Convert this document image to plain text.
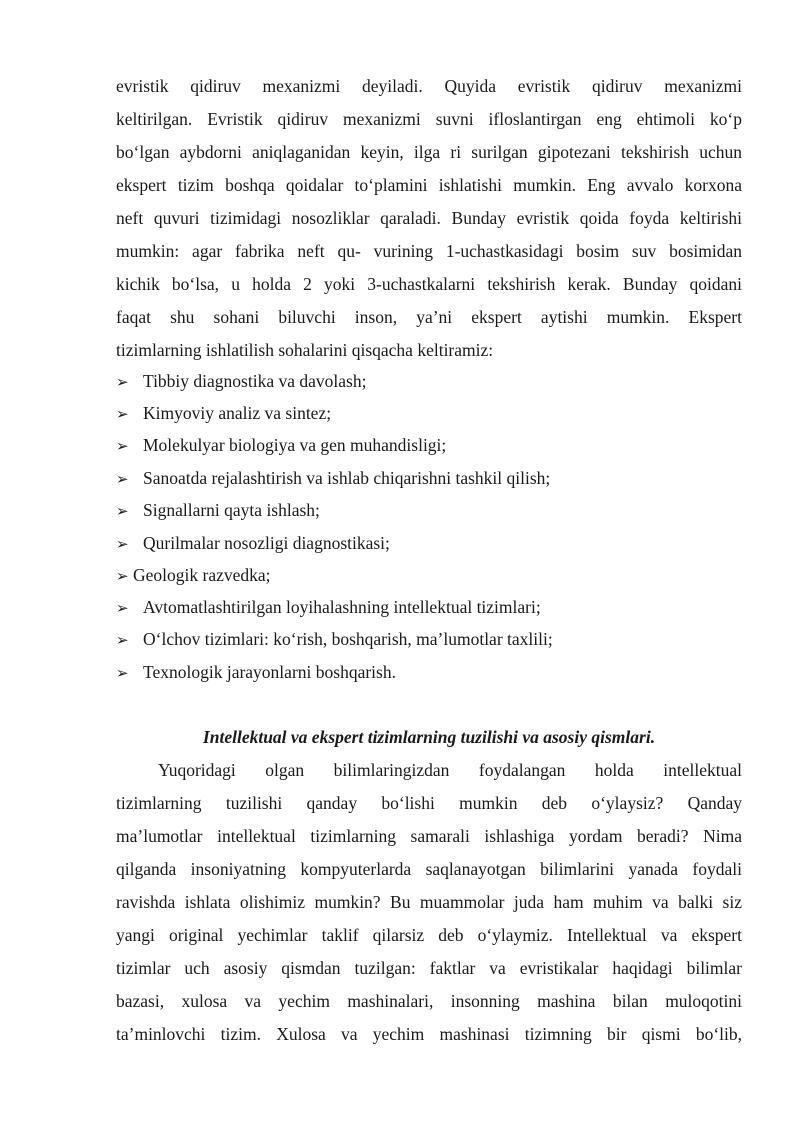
evristik qidiruv mexanizmi deyiladi. Quyida evristik qidiruv mexanizmi
keltirilgan. Evristik qidiruv mexanizmi suvni ifloslantirgan eng ehtimoli ko‘p
bo‘lgan aybdorni aniqlaganidan keyin, ilga ri surilgan gipotezani tekshirish uchun
ekspert tizim boshqa qoidalar to‘plamini ishlatishi mumkin. Eng avvalo korxona
neft quvuri tizimidagi nosozliklar qaraladi. Bunday evristik qoida foyda keltirishi
mumkin: agar fabrika neft qu- vurining 1-uchastkasidagi bosim suv bosimidan
kichik bo‘lsa, u holda 2 yoki 3-uchastkalarni tekshirish kerak. Bunday qoidani
faqat shu sohani biluvchi inson, ya’ni ekspert aytishi mumkin. Ekspert
tizimlarning ishlatilish sohalarini qisqacha keltiramiz:
➢ Tibbiy diagnostika va davolash;
➢ Kimyoviy analiz va sintez;
➢ Molekulyar biologiya va gen muhandisligi;
➢ Sanoatda rejalashtirish va ishlab chiqarishni tashkil qilish;
➢ Signallarni qayta ishlash;
➢ Qurilmalar nosozligi diagnostikasi;
➢ Geologik razvedka;
➢ Avtomatlashtirilgan loyihalashning intellektual tizimlari;
➢ O‘lchov tizimlari: ko‘rish, boshqarish, ma’lumotlar taxlili;
➢ Texnologik jarayonlarni boshqarish.
Intellektual va ekspert tizimlarning tuzilishi va asosiy qismlari.
Yuqoridagi olgan bilimlaringizdan foydalangan holda intellektual
tizimlarning tuzilishi qanday bo‘lishi mumkin deb o‘ylaysiz? Qanday
ma’lumotlar intellektual tizimlarning samarali ishlashiga yordam beradi? Nima
qilganda insoniyatning kompyuterlarda saqlanayotgan bilimlarini yanada foydali
ravishda ishlata olishimiz mumkin? Bu muammolar juda ham muhim va balki siz
yangi original yechimlar taklif qilarsiz deb o‘ylaymiz. Intellektual va ekspert
tizimlar uch asosiy qismdan tuzilgan: faktlar va evristikalar haqidagi bilimlar
bazasi, xulosa va yechim mashinalari, insonning mashina bilan muloqotini
ta’minlovchi tizim. Xulosa va yechim mashinasi tizimning bir qismi bo‘lib,
